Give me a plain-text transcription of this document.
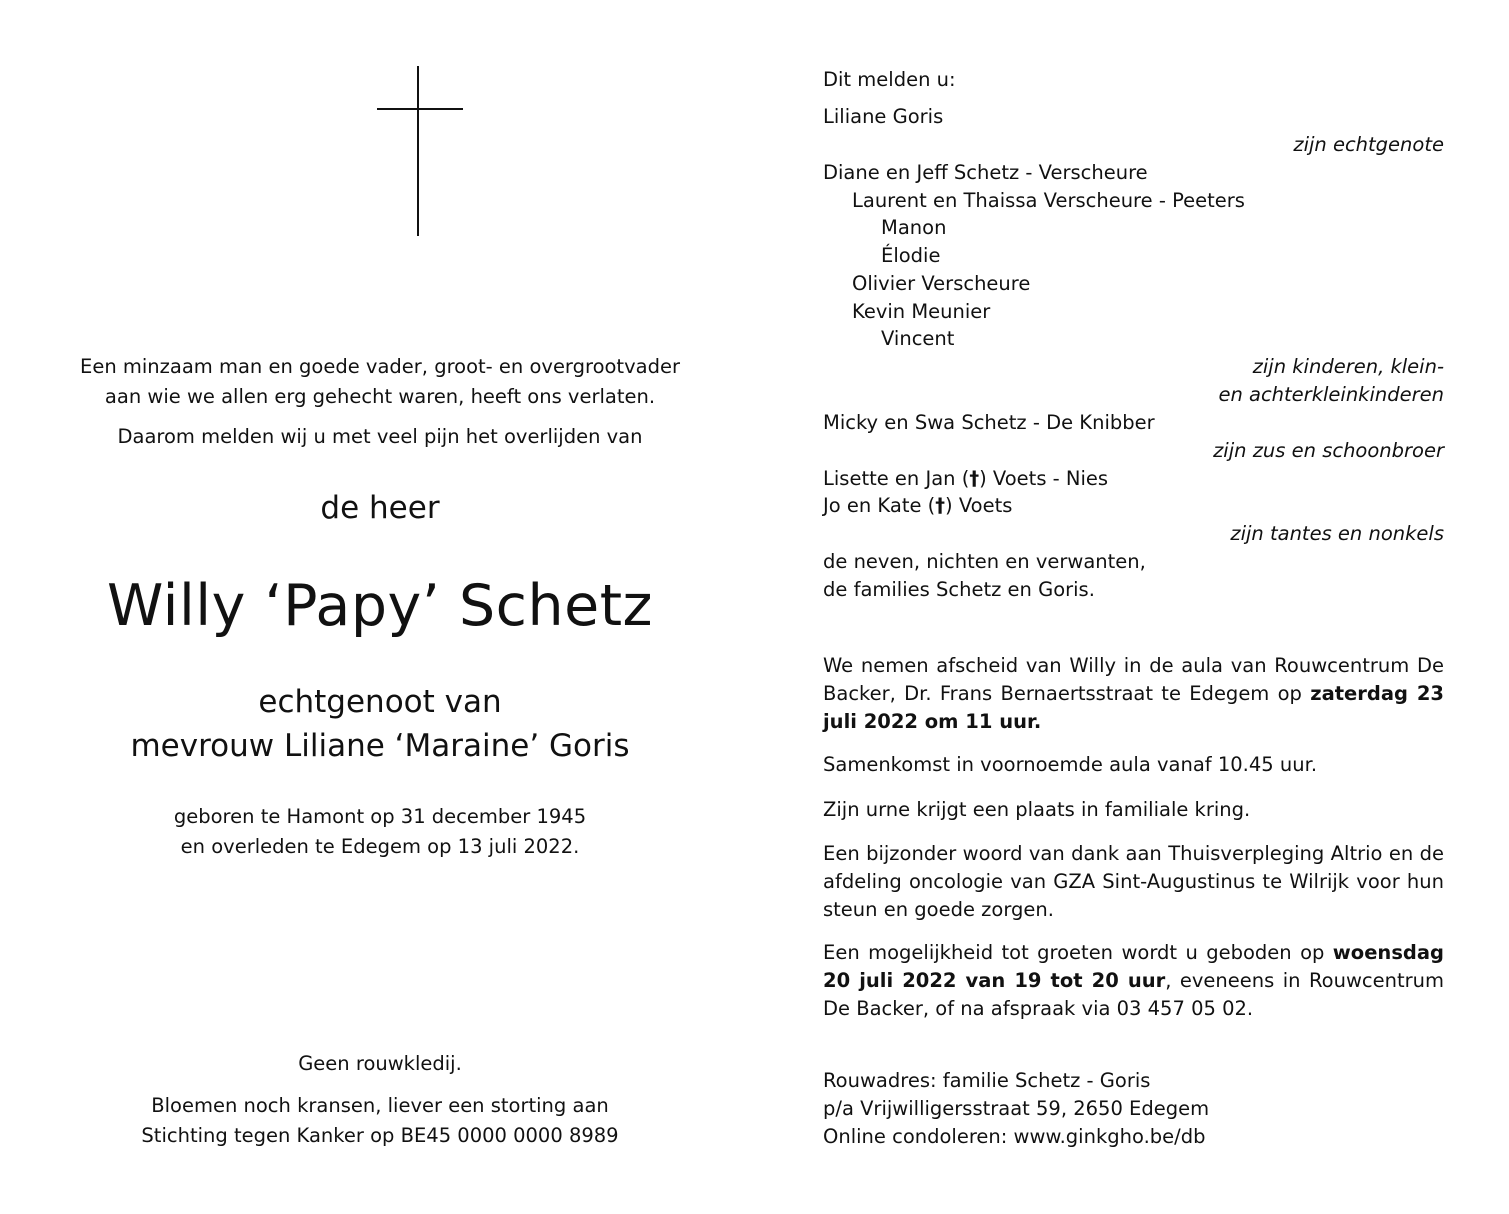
Een minzaam man en goede vader, groot- en overgrootvader
aan wie we allen erg gehecht waren, heeft ons verlaten.
Daarom melden wij u met veel pijn het overlijden van
de heer
Willy ‘Papy’ Schetz
echtgenoot van
mevrouw Liliane ‘Maraine’ Goris
geboren te Hamont op 31 december 1945
en overleden te Edegem op 13 juli 2022.
Geen rouwkledij.
Bloemen noch kransen, liever een storting aan
Stichting tegen Kanker op BE45 0000 0000 8989
Dit melden u:
Liliane Goris
zijn echtgenote
Diane en Jeff Schetz - Verscheure
Laurent en Thaissa Verscheure - Peeters
Manon
Élodie
Olivier Verscheure
Kevin Meunier
Vincent
zijn kinderen, klein-
en achterkleinkinderen
Micky en Swa Schetz - De Knibber
zijn zus en schoonbroer
Lisette en Jan (†) Voets - Nies
Jo en Kate (†) Voets
zijn tantes en nonkels
de neven, nichten en verwanten,
de families Schetz en Goris.
We nemen afscheid van Willy in de aula van Rouwcentrum De Backer, Dr. Frans Bernaertsstraat te Edegem op zaterdag 23 juli 2022 om 11 uur.
Samenkomst in voornoemde aula vanaf 10.45 uur.
Zijn urne krijgt een plaats in familiale kring.
Een bijzonder woord van dank aan Thuisverpleging Altrio en de afdeling oncologie van GZA Sint-Augustinus te Wilrijk voor hun steun en goede zorgen.
Een mogelijkheid tot groeten wordt u geboden op woensdag 20 juli 2022 van 19 tot 20 uur, eveneens in Rouwcentrum De Backer, of na afspraak via 03 457 05 02.
Rouwadres: familie Schetz - Goris
p/a Vrijwilligersstraat 59, 2650 Edegem
Online condoleren: www.ginkgho.be/db
